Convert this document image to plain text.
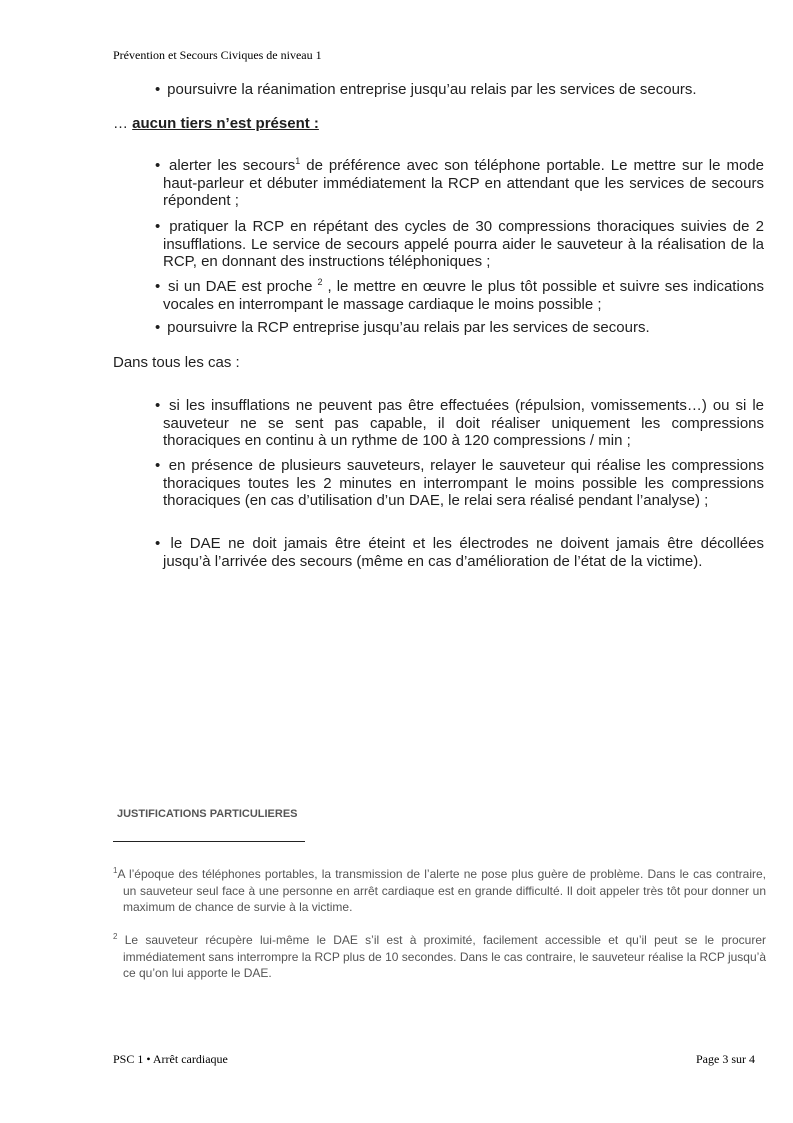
Prévention et Secours Civiques de niveau 1
• poursuivre la réanimation entreprise jusqu’au relais par les services de secours.
… aucun tiers n’est présent :
• alerter les secours$^1$ de préférence avec son téléphone portable. Le mettre sur le mode haut-parleur et débuter immédiatement la RCP en attendant que les services de secours répondent ;
• pratiquer la RCP en répétant des cycles de 30 compressions thoraciques suivies de 2 insufflations. Le service de secours appelé pourra aider le sauveteur à la réalisation de la RCP, en donnant des instructions téléphoniques ;
• si un DAE est proche $^2$ , le mettre en œuvre le plus tôt possible et suivre ses indications vocales en interrompant le massage cardiaque le moins possible ;
• poursuivre la RCP entreprise jusqu’au relais par les services de secours.
Dans tous les cas :
• si les insufflations ne peuvent pas être effectuées (répulsion, vomissements…) ou si le sauveteur ne se sent pas capable, il doit réaliser uniquement les compressions thoraciques en continu à un rythme de 100 à 120 compressions / min ;
• en présence de plusieurs sauveteurs, relayer le sauveteur qui réalise les compressions thoraciques toutes les 2 minutes en interrompant le moins possible les compressions thoraciques (en cas d’utilisation d’un DAE, le relai sera réalisé pendant l’analyse) ;
• le DAE ne doit jamais être éteint et les électrodes ne doivent jamais être décollées jusqu’à l’arrivée des secours (même en cas d’amélioration de l’état de la victime).
JUSTIFICATIONS PARTICULIERES
$^1$A l’époque des téléphones portables, la transmission de l’alerte ne pose plus guère de problème. Dans le cas contraire, un sauveteur seul face à une personne en arrêt cardiaque est en grande difficulté. Il doit appeler très tôt pour donner un maximum de chance de survie à la victime.
$^2$ Le sauveteur récupère lui-même le DAE s’il est à proximité, facilement accessible et qu’il peut se le procurer immédiatement sans interrompre la RCP plus de 10 secondes. Dans le cas contraire, le sauveteur réalise la RCP jusqu’à ce qu’on lui apporte le DAE.
PSC 1 • Arrêt cardiaque	Page 3 sur 4
